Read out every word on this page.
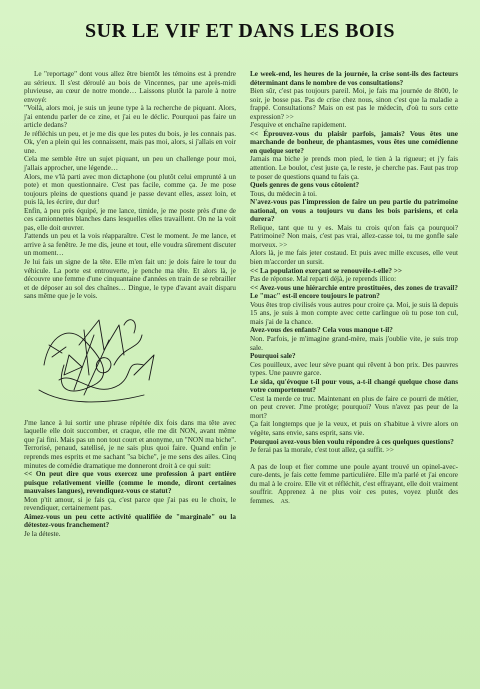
SUR LE VIF ET DANS LES BOIS

Le "reportage" dont vous allez être bientôt les témoins est à prendre au sérieux. Il s'est déroulé au bois de Vincennes, par une après-midi pluvieuse, au cœur de notre monde… Laissons plutôt la parole à notre envoyé:

"Voilà, alors moi, je suis un jeune type à la recherche de piquant. Alors, j'ai entendu parler de ce zine, et j'ai eu le déclic. Pourquoi pas faire un article dedans?

Je réfléchis un peu, et je me dis que les putes du bois, je les connais pas. Ok, y'en a plein qui les connaissent, mais pas moi, alors, si j'allais en voir une.

Cela me semble être un sujet piquant, un peu un challenge pour moi, j'allais approcher, une légende…

Alors, me v'là parti avec mon dictaphone (ou plutôt celui emprunté à un pote) et mon questionnaire. C'est pas facile, comme ça. Je me pose toujours pleins de questions quand je passe devant elles, assez loin, et puis là, les écrire, dur dur!

Enfin, à peu près équipé, je me lance, timide, je me poste près d'une de ces camionnettes blanches dans lesquelles elles travaillent. On ne la voit pas, elle doit œuvrer.

J'attends un peu et la vois réapparaître. C'est le moment. Je me lance, et arrive à sa fenêtre. Je me dis, jeune et tout, elle voudra sûrement discuter un moment…

Je lui fais un signe de la tête. Elle m'en fait un: je dois faire le tour du véhicule. La porte est entrouverte, je penche ma tête. Et alors là, je découvre une femme d'une cinquantaine d'années en train de se rebrailler et de déposer au sol des chaînes… Dingue, le type d'avant avait disparu sans même que je le vois.

J'me lance à lui sortir une phrase répétée dix fois dans ma tête avec laquelle elle doit succomber, et craque, elle me dit NON, avant même que j'ai fini. Mais pas un non tout court et anonyme, un "NON ma biche". Terrorisé, penaud, satellisé, je ne sais plus quoi faire. Quand enfin je reprends mes esprits et me sachant "sa biche", je me sens des ailes. Cinq minutes de comédie dramatique me donneront droit à ce qui suit:

<< On peut dire que vous exercez une profession à part entière puisque relativement vieille (comme le monde, diront certaines mauvaises langues), revendiquez-vous ce statut?

Mon p'tit amour, si je fais ça, c'est parce que j'ai pas eu le choix, le revendiquer, certainement pas.

Aimez-vous un peu cette activité qualifiée de "marginale" ou la détestez-vous franchement?

Je la déteste.

Le week-end, les heures de la journée, la crise sont-ils des facteurs déterminant dans le nombre de vos consultations?

Bien sûr, c'est pas toujours pareil. Moi, je fais ma journée de 8h00, le soir, je bosse pas. Pas de crise chez nous, sinon c'est que la maladie a frappé. Consultations? Mais on est pas le médecin, d'où tu sors cette expression? >>

J'esquive et enchaîne rapidement.

<< Éprouvez-vous du plaisir parfois, jamais? Vous êtes une marchande de bonheur, de phantasmes, vous êtes une comédienne en quelque sorte?

Jamais ma biche je prends mon pied, le tien à la rigueur; et j'y fais attention. Le boulot, c'est juste ça, le reste, je cherche pas. Faut pas trop te poser de questions quand tu fais ça.

Quels genres de gens vous côtoient?

Tous, du médecin à toi.

N'avez-vous pas l'impression de faire un peu partie du patrimoine national, on vous a toujours vu dans les bois parisiens, et cela durera?

Relique, tant que tu y es. Mais tu crois qu'on fais ça pourquoi? Patrimoine? Non mais, c'est pas vrai, allez-casse toi, tu me gonfle sale morveux. >>

Alors là, je me fais jeter costaud. Et puis avec mille excuses, elle veut bien m'accorder un sursit.

<< La population exerçant se renouvèle-t-elle? >>

Pas de réponse. Mal reparti déjà, je reprends illico:

<< Avez-vous une hiérarchie entre prostituées, des zones de travail? Le "mac" est-il encore toujours le patron?

Vous êtes trop civilisés vous autres pour croire ça. Moi, je suis là depuis 15 ans, je suis à mon compte avec cette carlingue où tu pose ton cul, mais j'ai de la chance.

Avez-vous des enfants? Cela vous manque t-il?

Non. Parfois, je m'imagine grand-mère, mais j'oublie vite, je suis trop sale.

Pourquoi sale?

Ces pouilleux, avec leur sève puant qui rêvent à bon prix. Des pauvres types. Une pauvre garce.

Le sida, qu'évoque t-il pour vous, a-t-il changé quelque chose dans votre comportement?

C'est la merde ce truc. Maintenant en plus de faire ce pourri de métier, on peut crever. J'me protège; pourquoi? Vous n'avez pas peur de la mort?

Ça fait longtemps que je la veux, et puis on s'habitue à vivre alors on végète, sans envie, sans esprit, sans vie.

Pourquoi avez-vous bien voulu répondre à ces quelques questions?

Je ferai pas la morale, c'est tout allez, ça suffit. >>

A pas de loup et fier comme une poule ayant trouvé un opinel-avec-cure-dents, je fais cette femme particulière. Elle m'a parlé et j'ai encore du mal à le croire. Elle vit et réfléchit, c'est effrayant, elle doit vraiment souffrir. Apprenez à ne plus voir ces putes, voyez plutôt des femmes. AS.
